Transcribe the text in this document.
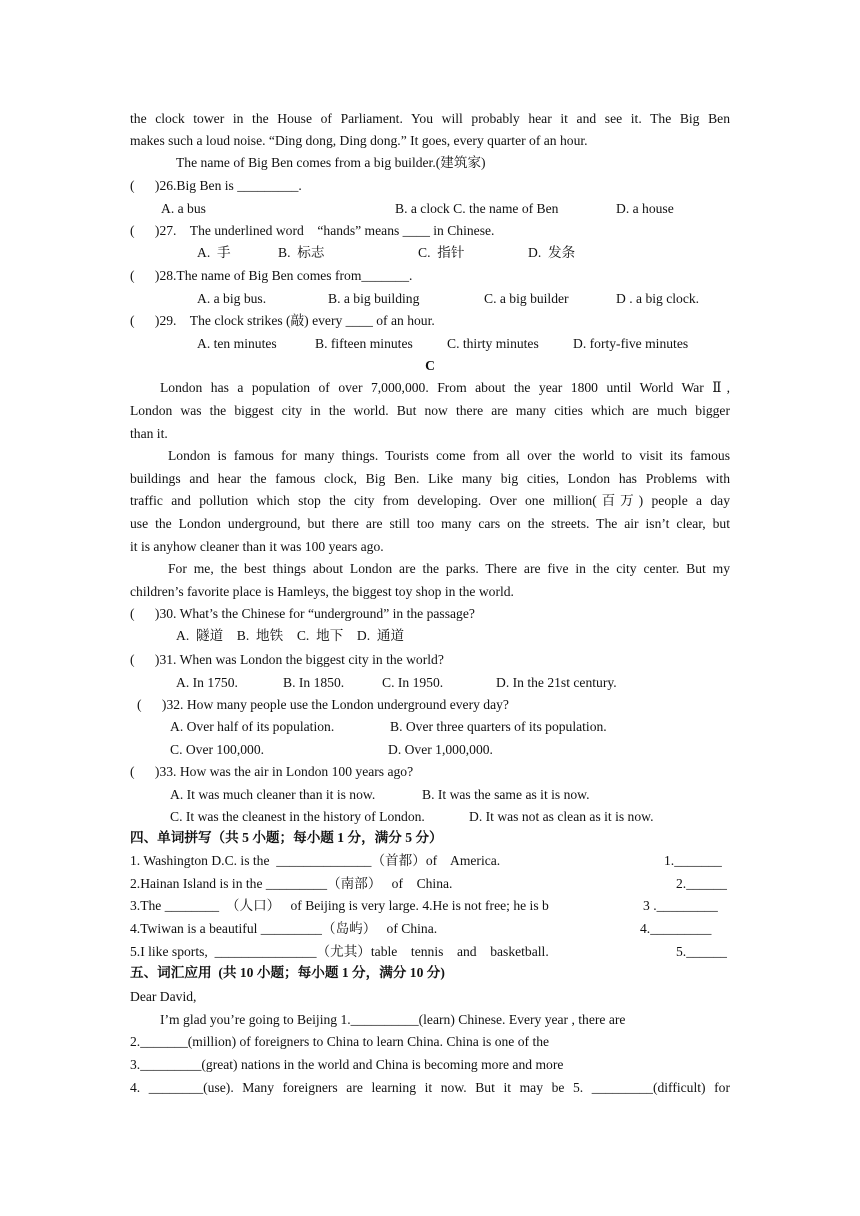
the clock tower in the House of Parliament. You will probably hear it and see it. The Big Ben
makes such a loud noise. “Ding dong, Ding dong.” It goes, every quarter of an hour.
The name of Big Ben comes from a big builder.(建筑家)
(      )26.Big Ben is _________.
A. a bus	B. a clock C. the name of Ben	D. a house
(      )27.    The underlined word    “hands” means ____ in Chinese.
A.  手	B.  标志	C.  指针	D.  发条
(      )28.The name of Big Ben comes from_______.
A. a big bus.	B. a big building	C. a big builder	D . a big clock.
(      )29.    The clock strikes (敲) every ____ of an hour.
A. ten minutes	B. fifteen minutes	C. thirty minutes	D. forty-five minutes
C
London has a population of over 7,000,000. From about the year 1800 until World War Ⅱ,
London was the biggest city in the world. But now there are many cities which are much bigger
than it.
London is famous for many things. Tourists come from all over the world to visit its famous
buildings and hear the famous clock, Big Ben. Like many big cities, London has Problems with
traffic and pollution which stop the city from developing. Over one million(百万) people a day
use the London underground, but there are still too many cars on the streets. The air isn’t clear, but
it is anyhow cleaner than it was 100 years ago.
For me, the best things about London are the parks. There are five in the city center. But my
children’s favorite place is Hamleys, the biggest toy shop in the world.
(      )30. What’s the Chinese for “underground” in the passage?
A.  隧道    B.  地铁    C.  地下    D.  通道
(      )31. When was London the biggest city in the world?
A. In 1750.	B. In 1850.	C. In 1950.	D. In the 21st century.
(      )32. How many people use the London underground every day?
A. Over half of its population.	B. Over three quarters of its population.
C. Over 100,000.	D. Over 1,000,000.
(      )33. How was the air in London 100 years ago?
A. It was much cleaner than it is now.	B. It was the same as it is now.
C. It was the cleanest in the history of London.	D. It was not as clean as it is now.
四、单词拼写（共 5 小题；每小题 1 分，满分 5 分）
1. Washington D.C. is the  ______________（首都）of    America.	1._______
2.Hainan Island is in the _________（南部）   of    China.	2.______
3.The ________  （人口）   of Beijing is very large. 4.He is not free; he is b	3 ._________
4.Twiwan is a beautiful _________（岛屿）   of China.	4._________
5.I like sports,  _______________（尤其）table    tennis    and    basketball.	5.______
五、词汇应用  (共 10 小题；每小题 1 分，满分 10 分)
Dear David,
I’m glad you’re going to Beijing 1.__________(learn) Chinese. Every year , there are
2._______(million) of foreigners to China to learn China. China is one of the
3._________(great) nations in the world and China is becoming more and more
4. ________(use). Many foreigners are learning it now. But it may be 5. _________(difficult) for
